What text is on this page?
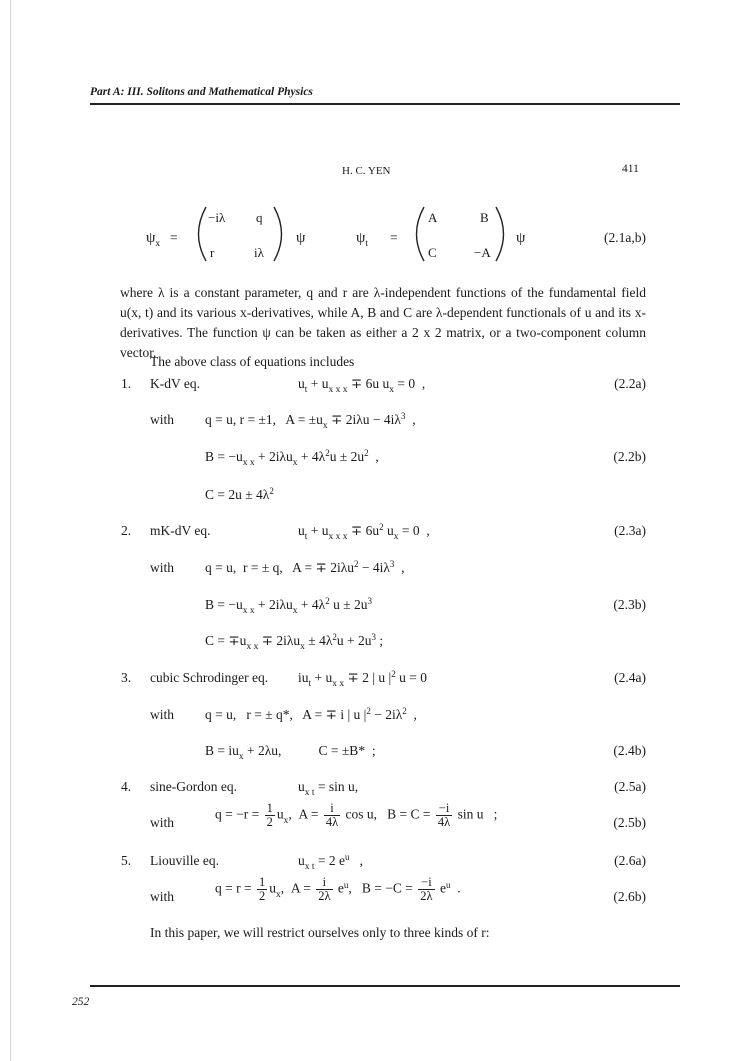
Part A: III. Solitons and Mathematical Physics
H. C. YEN	411
$\psi_x$ =
−iλ q
r	iλ
ψ	$\psi_t$ =
A	B
C	−A
ψ	(2.1a,b)
where λ is a constant parameter, q and r are λ-independent functions of the fundamental field u(x, t) and its various x-derivatives, while A, B and C are λ-dependent functionals of u and its x-derivatives. The function ψ can be taken as either a 2 x 2 matrix, or a two-component column vector.
The above class of equations includes
1. K-dV eq.	$u_t + u_{x x x} \mp 6u$ $u_x = 0$  ,	(2.2a)
with q = u, r = ±1,   $A = \pm u_x \mp 2i\lambda u - 4i\lambda^3$  ,
$B = -u_{x x} + 2i\lambda u_x + 4\lambda^2u \pm 2u^2$  ,	(2.2b)
$C = 2u \pm 4\lambda^2$
2. mK-dV eq.	$u_t + u_{x x x} \mp 6u^2$ $u_x = 0$  ,	(2.3a)
with q = u,  r = ± q,   A = ∓ $2i\lambda u^2 - 4i\lambda^3$  ,
$B = -u_{x x} + 2i\lambda u_x + 4\lambda^2$ $u \pm 2u^3$	(2.3b)
$C = \mp u_{x x} \mp 2i\lambda u_x \pm 4\lambda^2u + 2u^3$ ;
3. cubic Schrodinger eq. $iu_t + u_{x x} \mp 2$ | u $|^2$ u = 0	(2.4a)
with q = u,   r = ± q*,   A = ∓ i | u $|^2 - 2i\lambda^2$  ,
$B = iu_x + 2\lambda u$,           C = ±B*  ;	(2.4b)
4. sine-Gordon eq.	$u_{x t} = \sin u$,	(2.5a)
with
$q = -r = \frac{1}{2} u_x$,  $A = \frac{i}{4\lambda}$ cos u,   $B = C = \frac{-i}{4\lambda}$ sin u   ;
(2.5b)
5. Liouville eq.	$u_{x t} = 2$ $e^u$   ,	(2.6a)
with
$q = r = \frac{1}{2} u_x$,  $A = \frac{i}{2\lambda} e^u$,   $B = -C = \frac{-i}{2\lambda} e^u$  .
(2.6b)
In this paper, we will restrict ourselves only to three kinds of r:
252
